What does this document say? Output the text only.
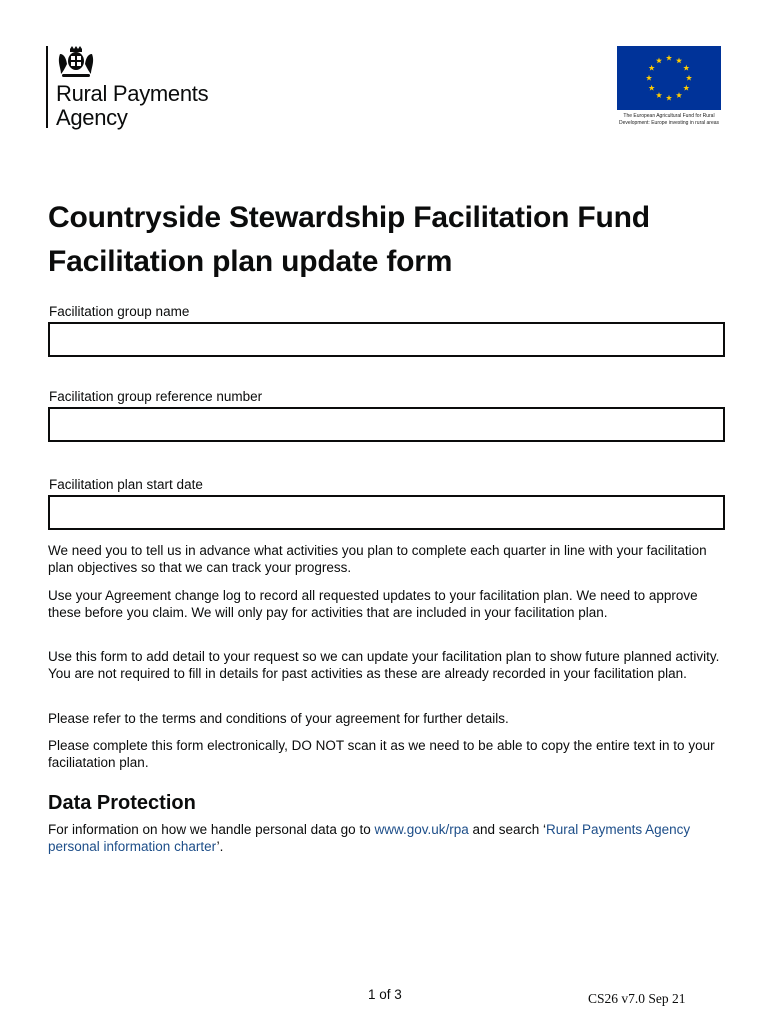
Rural Payments
Agency	The European Agricultural Fund for Rural Development: Europe investing in rural areas
Countryside Stewardship Facilitation Fund
Facilitation plan update form
Facilitation group name
Facilitation group reference number
Facilitation plan start date

We need you to tell us in advance what activities you plan to complete each quarter in line with your facilitation plan objectives so that we can track your progress.

Use your Agreement change log to record all requested updates to your facilitation plan. We need to approve these before you claim. We will only pay for activities that are included in your facilitation plan.

Use this form to add detail to your request so we can update your facilitation plan to show future planned activity. You are not required to fill in details for past activities as these are already recorded in your facilitation plan.

Please refer to the terms and conditions of your agreement for further details.

Please complete this form electronically, DO NOT scan it as we need to be able to copy the entire text in to your faciliatation plan.

Data Protection

For information on how we handle personal data go to www.gov.uk/rpa and search ‘Rural Payments Agency personal information charter’.

1 of 3	CS26 v7.0 Sep 21
